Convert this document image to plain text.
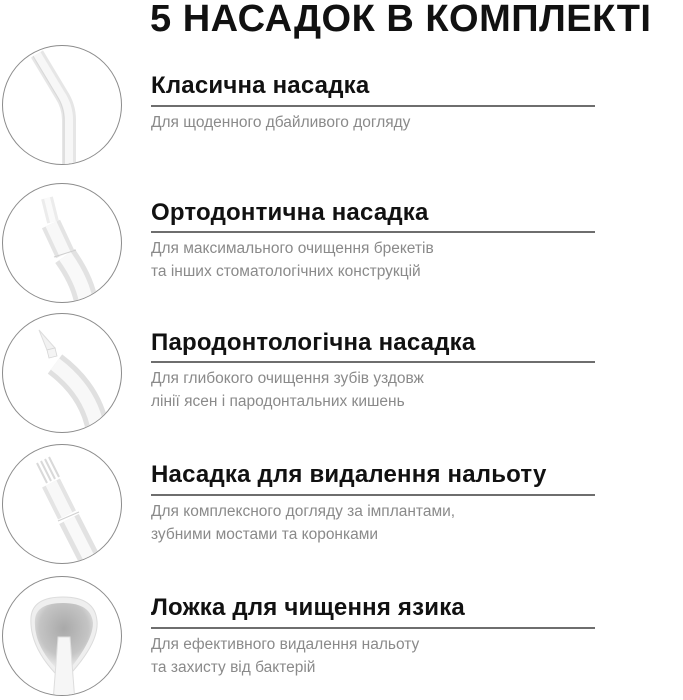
5 НАСАДОК В КОМПЛЕКТІ
Класична насадка
Для щоденного дбайливого догляду
Ортодонтична насадка
Для максимального очищення брекетів
та інших стоматологічних конструкцій
Пародонтологічна насадка
Для глибокого очищення зубів уздовж
лінії ясен і пародонтальних кишень
Насадка для видалення нальоту
Для комплексного догляду за імплантами,
зубними мостами та коронками
Ложка для чищення язика
Для ефективного видалення нальоту
та захисту від бактерій
